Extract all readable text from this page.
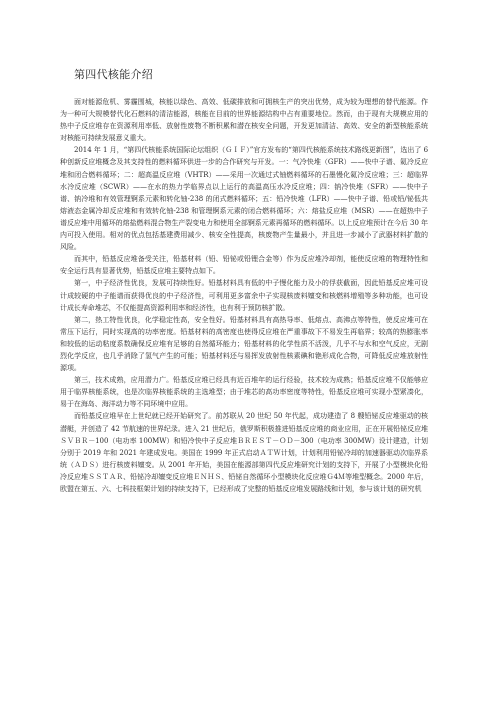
第四代核能介绍

面对能源危机、雾霾围城，核能以绿色、高效、低碳排放和可拥核生产的突出优势，成为较为理想的替代能源。作为一种可大规模替代化石燃料的清洁能源，核能在目前的世界能源结构中占有重要地位。然而，由于现有大规模应用的热中子反应堆存在资源利用率低、放射性废物不断积累和潜在核安全问题，开发更加清洁、高效、安全的新型核能系统对核能可持续发展意义重大。

2014 年 1 月，“第四代核能系统国际论坛组织（ＧＩＦ）”官方发布的“第四代核能系统技术路线更新图”，选出了 6 种创新反应堆概念及其支持性的燃料循环供进一步的合作研究与开发。一：气冷快堆（GFR）——快中子谱、氦冷反应堆和闭合燃料循环；二：超高温反应堆（VHTR）——采用一次通过式铀燃料循环的石墨慢化氦冷反应堆；三：超临界水冷反应堆（SCWR）——在水的热力学临界点以上运行的高温高压水冷反应堆；四：钠冷快堆（SFR）——快中子谱、钠冷堆和有效管理锕系元素和转化铀-238 的闭式燃料循环；五：铅冷快堆（LFR）——快中子谱、铅或铅/铋低共熔液态金属冷却反应堆和有效转化铀-238 和管理锕系元素的闭合燃料循环；六：熔盐反应堆（MSR）——在超热中子谱反应堆中用循环的熔盐燃料混合物生产裂变电力和使用全部锕系元素再循环的燃料循环。以上反应堆预计在今后 30 年内可投入使用。相对的优点包括基建费用减少、核安全性提高，核废物产生量最小，并且进一步减小了武器材料扩散的风险。

而其中，铅基反应堆备受关注，铅基材料（铅、铅铋或铅锂合金等）作为反应堆冷却剂，能使反应堆的物理特性和安全运行具有显著优势，铅基反应堆主要特点如下。

第一，中子经济性优良，发展可持续性好。铅基材料具有低的中子慢化能力及小的俘获截面，因此铅基反应堆可设计成较硬的中子能谱而获得优良的中子经济性，可利用更多富余中子实现核废料嬗变和核燃料增殖等多种功能，也可设计成长寿命堆芯，不仅能提高资源利用率和经济性，也有利于预防核扩散。

第二，热工特性优良，化学稳定性高，安全性好。铅基材料具有高热导率、低熔点、高沸点等特性，使反应堆可在常压下运行，同时实现高的功率密度。铅基材料的高密度也使得反应堆在严重事故下不易发生再临界；较高的热膨胀率和较低的运动粘度系数确保反应堆有足够的自然循环能力；铅基材料的化学性质不活泼，几乎不与水和空气反应，无剧烈化学反应，也几乎消除了氢气产生的可能；铅基材料还与易挥发放射性核素碘和铯形成化合物，可降低反应堆放射性源项。

第三，技术成熟，应用潜力广。铅基反应堆已经具有近百堆年的运行经验，技术较为成熟；铅基反应堆不仅能够应用于临界核能系统，也是次临界核能系统的主选堆型；由于堆芯的高功率密度等特性，铅基反应堆可实现小型紧凑化，易于在海岛、海洋动力等不同环境中应用。

而铅基反应堆早在上世纪就已经开始研究了。前苏联从 20 世纪 50 年代起，成功建造了 8 艘铅铋反应堆驱动的核潜艇，并创造了 42 节航速的世界纪录。进入 21 世纪后，俄罗斯积极推进铅基反应堆的商业应用，正在开展铅铋反应堆ＳＶＢＲ－100（电功率 100MW）和铅冷快中子反应堆ＢＲＥＳＴ－ＯＤ－300（电功率 300MW）设计建造，计划分别于 2019 年和 2021 年建成发电。美国在 1999 年正式启动ＡＴＷ计划，计划利用铅铋冷却的加速器驱动次临界系统（ＡＤＳ）进行核废料嬗变。从 2001 年开始，美国在能源部第四代反应堆研究计划的支持下，开展了小型模块化铅冷反应堆ＳＳＴＡＲ、铅铋冷却嬗变反应堆ＥＮＨＳ、铅铋自然循环小型模块化反应堆Ｇ4Ｍ等堆型概念。2000 年后，欧盟在第五、六、七科技框架计划的持续支持下，已经形成了完整的铅基反应堆发展路线和计划，参与该计划的研究机
